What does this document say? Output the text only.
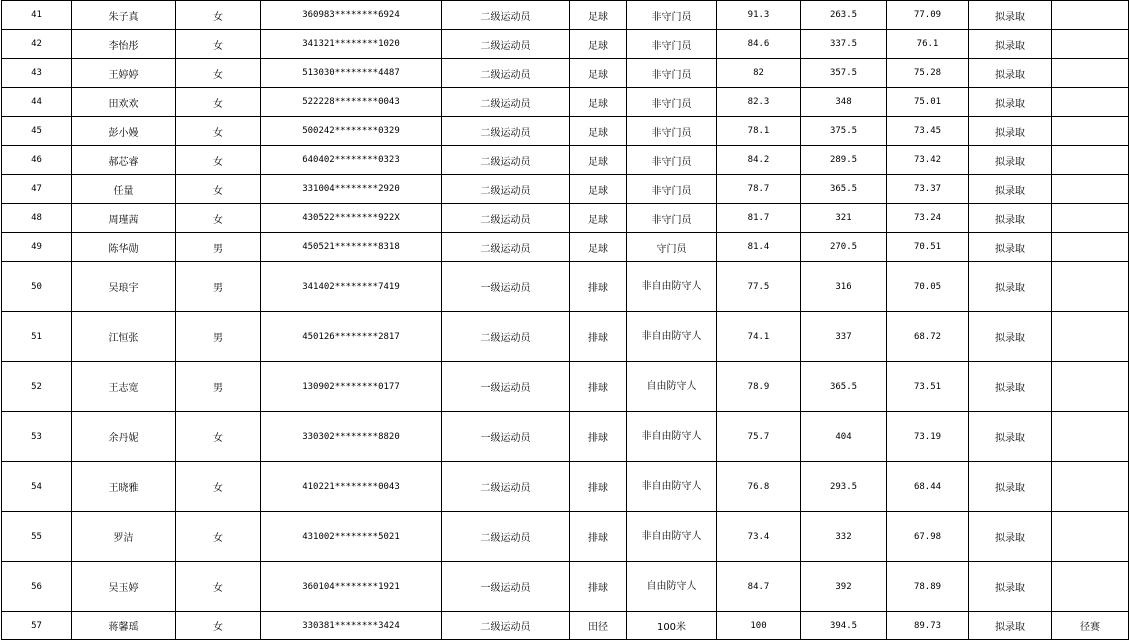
41	朱子真	女	360983********6924	二级运动员	足球	非守门员	91.3	263.5	77.09	拟录取	
42	李怡彤	女	341321********1020	二级运动员	足球	非守门员	84.6	337.5	76.1	拟录取	
43	王婷婷	女	513030********4487	二级运动员	足球	非守门员	82	357.5	75.28	拟录取	
44	田欢欢	女	522228********0043	二级运动员	足球	非守门员	82.3	348	75.01	拟录取	
45	彭小嫚	女	500242********0329	二级运动员	足球	非守门员	78.1	375.5	73.45	拟录取	
46	郝芯睿	女	640402********0323	二级运动员	足球	非守门员	84.2	289.5	73.42	拟录取	
47	任量	女	331004********2920	二级运动员	足球	非守门员	78.7	365.5	73.37	拟录取	
48	周瑾茜	女	430522********922X	二级运动员	足球	非守门员	81.7	321	73.24	拟录取	
49	陈华勋	男	450521********8318	二级运动员	足球	守门员	81.4	270.5	70.51	拟录取	
50	吴琅宇	男	341402********7419	一级运动员	排球	非自由防守人	77.5	316	70.05	拟录取	
51	江恒张	男	450126********2817	二级运动员	排球	非自由防守人	74.1	337	68.72	拟录取	
52	王志宽	男	130902********0177	一级运动员	排球	自由防守人	78.9	365.5	73.51	拟录取	
53	余丹妮	女	330302********8820	一级运动员	排球	非自由防守人	75.7	404	73.19	拟录取	
54	王晓雅	女	410221********0043	二级运动员	排球	非自由防守人	76.8	293.5	68.44	拟录取	
55	罗洁	女	431002********5021	二级运动员	排球	非自由防守人	73.4	332	67.98	拟录取	
56	吴玉婷	女	360104********1921	一级运动员	排球	自由防守人	84.7	392	78.89	拟录取	
57	蒋馨瑶	女	330381********3424	二级运动员	田径	100米	100	394.5	89.73	拟录取	径赛
